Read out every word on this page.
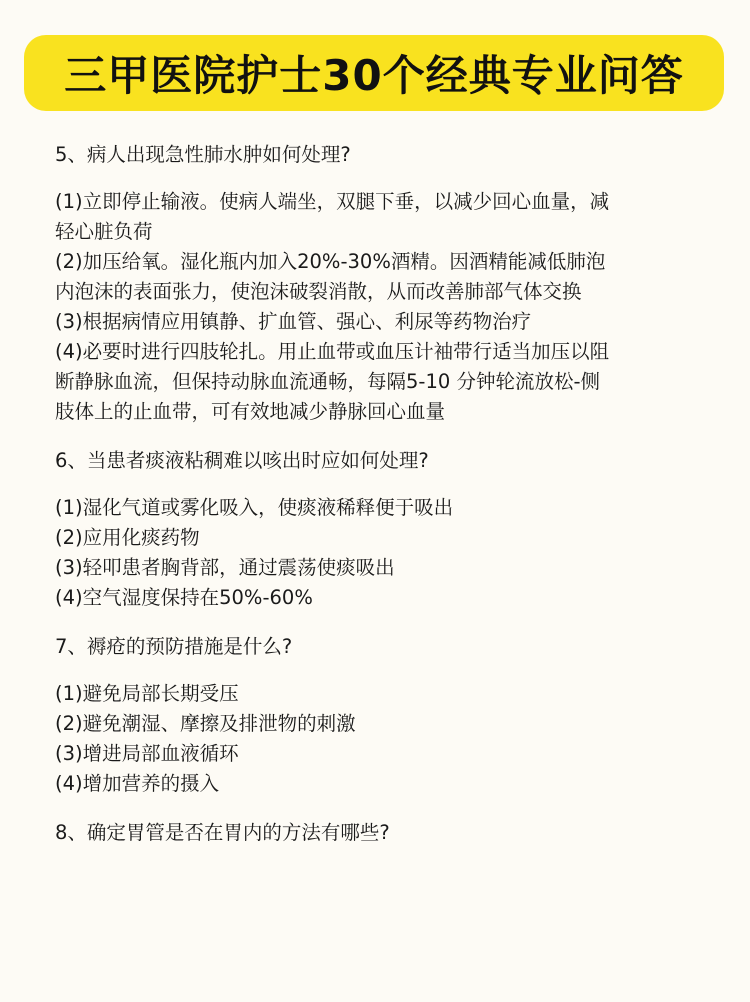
三甲医院护士30个经典专业问答
5、病人出现急性肺水肿如何处理?
(1)立即停止输液。使病人端坐，双腿下垂，以减少回心血量，减
轻心脏负荷
(2)加压给氧。湿化瓶内加入20%-30%酒精。因酒精能减低肺泡
内泡沫的表面张力，使泡沫破裂消散，从而改善肺部气体交换
(3)根据病情应用镇静、扩血管、强心、利尿等药物治疗
(4)必要时进行四肢轮扎。用止血带或血压计袖带行适当加压以阻
断静脉血流，但保持动脉血流通畅，每隔5-10 分钟轮流放松-侧
肢体上的止血带，可有效地减少静脉回心血量
6、当患者痰液粘稠难以咳出时应如何处理?
(1)湿化气道或雾化吸入，使痰液稀释便于吸出
(2)应用化痰药物
(3)轻叩患者胸背部，通过震荡使痰吸出
(4)空气湿度保持在50%-60%
7、褥疮的预防措施是什么?
(1)避免局部长期受压
(2)避免潮湿、摩擦及排泄物的刺激
(3)增进局部血液循环
(4)增加营养的摄入
8、确定胃管是否在胃内的方法有哪些?
